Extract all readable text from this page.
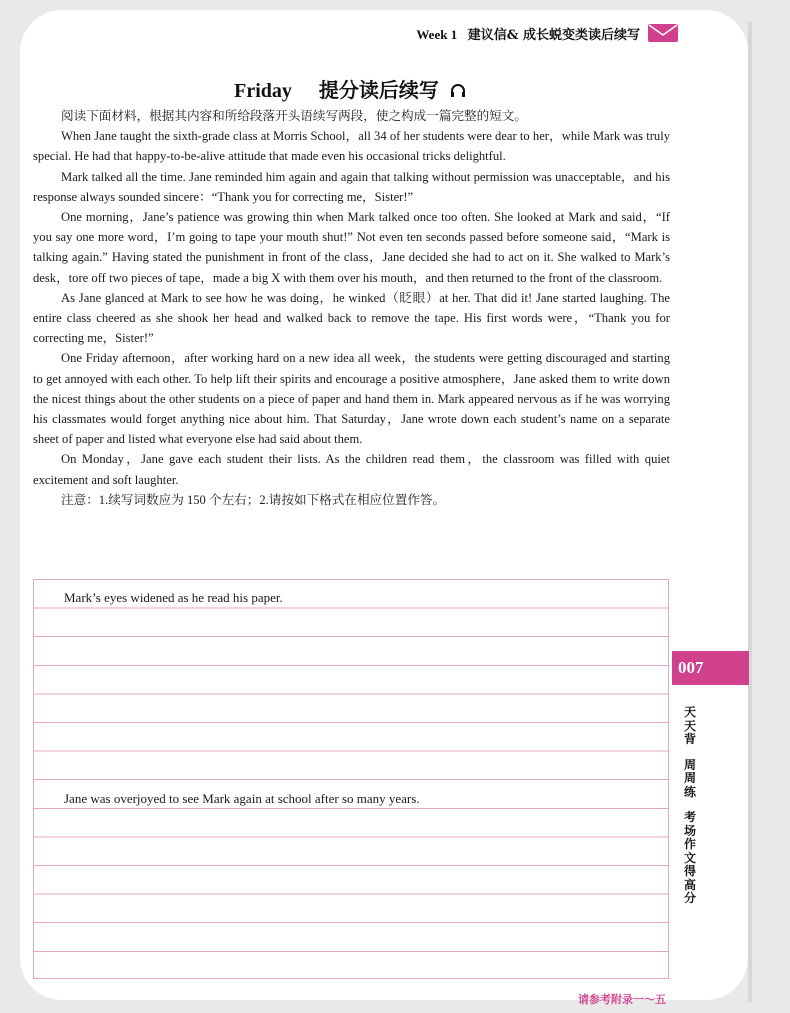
Week 1 建议信& 成长蜕变类读后续写
Friday 提分读后续写

阅读下面材料，根据其内容和所给段落开头语续写两段，使之构成一篇完整的短文。

When Jane taught the sixth-grade class at Morris School，all 34 of her students were dear to her，while Mark was truly special. He had that happy-to-be-alive attitude that made even his occasional tricks delightful.

Mark talked all the time. Jane reminded him again and again that talking without permission was unacceptable，and his response always sounded sincere：“Thank you for correcting me，Sister!”

One morning，Jane’s patience was growing thin when Mark talked once too often. She looked at Mark and said，“If you say one more word，I’m going to tape your mouth shut!” Not even ten seconds passed before someone said，“Mark is talking again.” Having stated the punishment in front of the class，Jane decided she had to act on it. She walked to Mark’s desk，tore off two pieces of tape，made a big X with them over his mouth，and then returned to the front of the classroom.

As Jane glanced at Mark to see how he was doing，he winked（眨眼）at her. That did it! Jane started laughing. The entire class cheered as she shook her head and walked back to remove the tape. His first words were，“Thank you for correcting me，Sister!”

One Friday afternoon，after working hard on a new idea all week，the students were getting discouraged and starting to get annoyed with each other. To help lift their spirits and encourage a positive atmosphere，Jane asked them to write down the nicest things about the other students on a piece of paper and hand them in. Mark appeared nervous as if he was worrying his classmates would forget anything nice about him. That Saturday，Jane wrote down each student’s name on a separate sheet of paper and listed what everyone else had said about them.

On Monday，Jane gave each student their lists. As the children read them，the classroom was filled with quiet excitement and soft laughter.

注意：1.续写词数应为 150 个左右；2.请按如下格式在相应位置作答。

Mark’s eyes widened as he read his paper.
Jane was overjoyed to see Mark again at school after so many years.
007
天天背
周周练
考场作文得高分
请参考附录一～五
